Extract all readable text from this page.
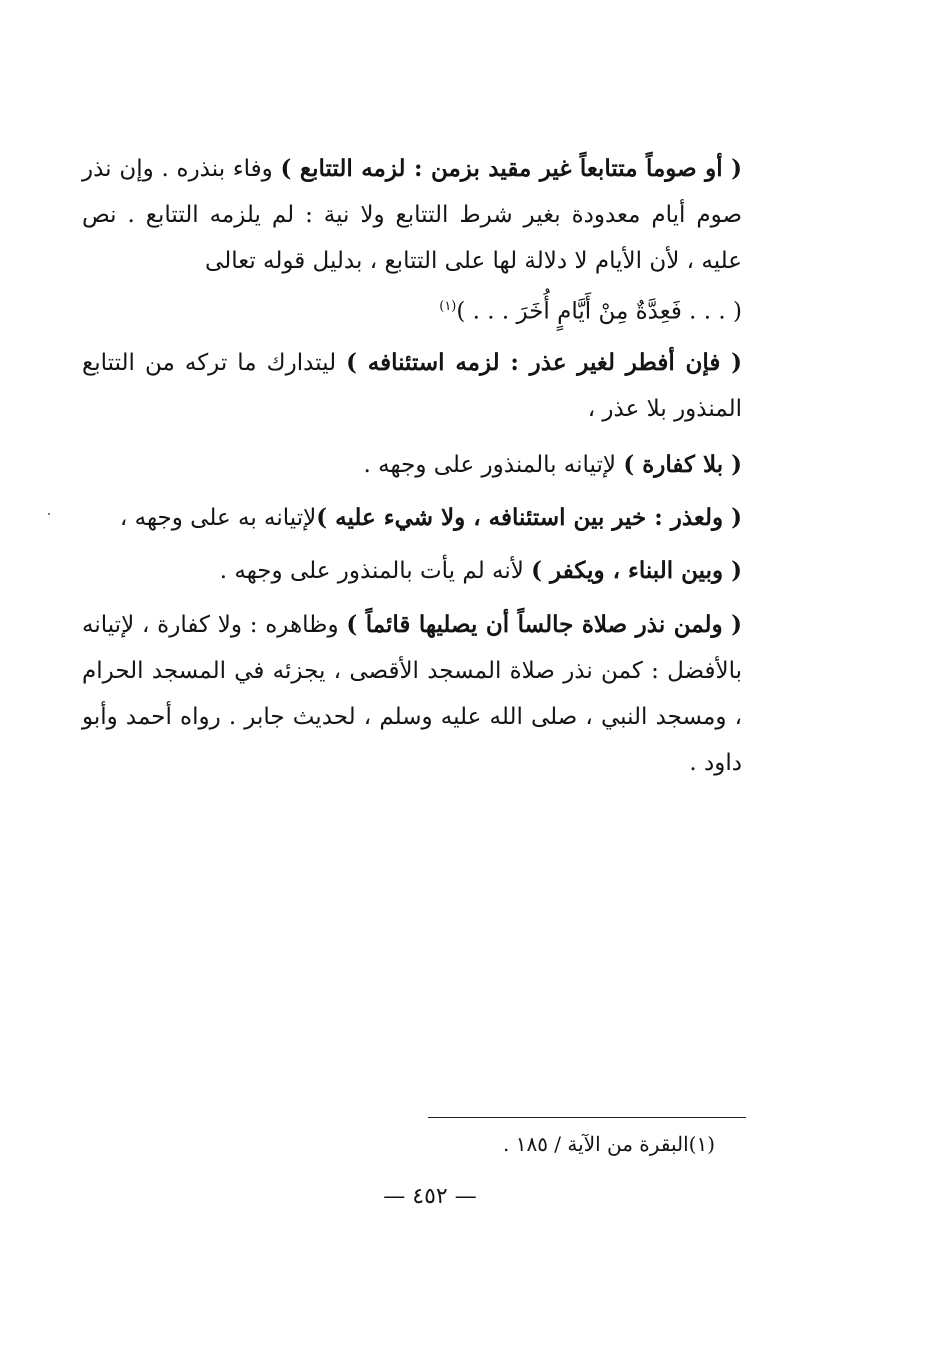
( أو صوماً متتابعاً غير مقيد بزمن : لزمه التتابع ) وفاء بنذره . وإن نذر صوم أيام معدودة بغير شرط التتابع ولا نية : لم يلزمه التتابع . نص عليه ، لأن الأيام لا دلالة لها على التتابع ، بدليل قوله تعالى
( . . . فَعِدَّةٌ مِنْ أَيَّامٍ أُخَرَ . . . )$^{(١)}$

( فإن أفطر لغير عذر : لزمه استئنافه ) ليتدارك ما تركه من التتابع المنذور بلا عذر ،

( بلا كفارة ) لإتيانه بالمنذور على وجهه .

( ولعذر : خير بين استئنافه ، ولا شيء عليه )لإتيانه به على وجهه ،

( وبين البناء ، ويكفر ) لأنه لم يأت بالمنذور على وجهه .

( ولمن نذر صلاة جالساً أن يصليها قائماً ) وظاهره : ولا كفارة ، لإتيانه بالأفضل : كمن نذر صلاة المسجد الأقصى ، يجزئه في المسجد الحرام ، ومسجد النبي ، صلى الله عليه وسلم ، لحديث جابر . رواه أحمد وأبو داود .

(١)البقرة من الآية / ١٨٥ .

— ٤٥٢ —
